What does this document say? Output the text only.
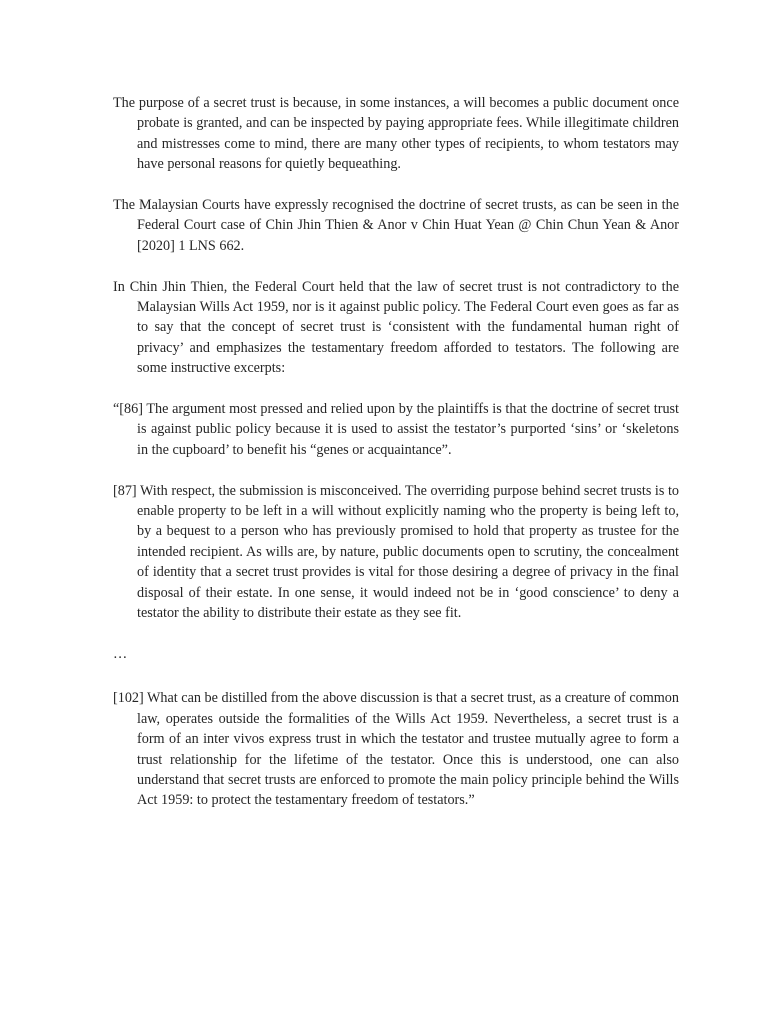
The purpose of a secret trust is because, in some instances, a will becomes a public document once probate is granted, and can be inspected by paying appropriate fees. While illegitimate children and mistresses come to mind, there are many other types of recipients, to whom testators may have personal reasons for quietly bequeathing.

The Malaysian Courts have expressly recognised the doctrine of secret trusts, as can be seen in the Federal Court case of Chin Jhin Thien & Anor v Chin Huat Yean @ Chin Chun Yean & Anor [2020] 1 LNS 662.

In Chin Jhin Thien, the Federal Court held that the law of secret trust is not contradictory to the Malaysian Wills Act 1959, nor is it against public policy. The Federal Court even goes as far as to say that the concept of secret trust is ‘consistent with the fundamental human right of privacy’ and emphasizes the testamentary freedom afforded to testators. The following are some instructive excerpts:

“[86] The argument most pressed and relied upon by the plaintiffs is that the doctrine of secret trust is against public policy because it is used to assist the testator’s purported ‘sins’ or ‘skeletons in the cupboard’ to benefit his “genes or acquaintance”.

[87] With respect, the submission is misconceived. The overriding purpose behind secret trusts is to enable property to be left in a will without explicitly naming who the property is being left to, by a bequest to a person who has previously promised to hold that property as trustee for the intended recipient. As wills are, by nature, public documents open to scrutiny, the concealment of identity that a secret trust provides is vital for those desiring a degree of privacy in the final disposal of their estate. In one sense, it would indeed not be in ‘good conscience’ to deny a testator the ability to distribute their estate as they see fit.

…

[102] What can be distilled from the above discussion is that a secret trust, as a creature of common law, operates outside the formalities of the Wills Act 1959. Nevertheless, a secret trust is a form of an inter vivos express trust in which the testator and trustee mutually agree to form a trust relationship for the lifetime of the testator. Once this is understood, one can also understand that secret trusts are enforced to promote the main policy principle behind the Wills Act 1959: to protect the testamentary freedom of testators.”
